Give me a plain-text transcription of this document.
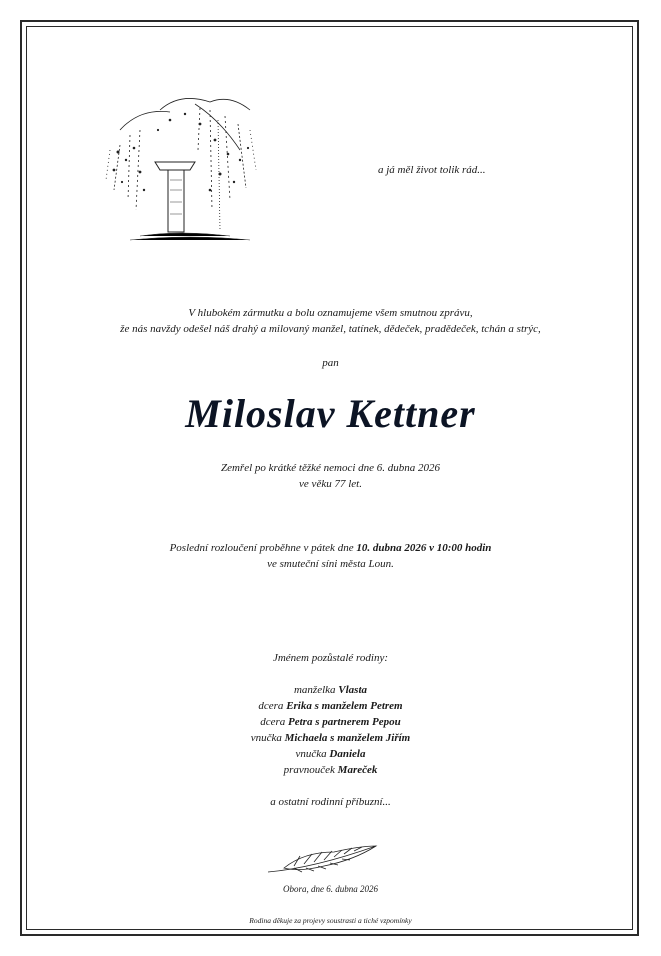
a já měl život tolik rád...
V hlubokém zármutku a bolu oznamujeme všem smutnou zprávu,
že nás navždy odešel náš drahý a milovaný manžel, tatínek, dědeček, pradědeček, tchán a strýc,
pan
Miloslav Kettner
Zemřel po krátké těžké nemoci dne 6. dubna 2026
ve věku 77 let.
Poslední rozloučení proběhne v pátek dne 10. dubna 2026 v 10:00 hodin
ve smuteční síni města Loun.
Jménem pozůstalé rodiny:
manželka Vlasta
dcera Erika s manželem Petrem
dcera Petra s partnerem Pepou
vnučka Michaela s manželem Jiřím
vnučka Daniela
pravnouček Mareček
a ostatní rodinní příbuzní...
Obora, dne 6. dubna 2026
Rodina děkuje za projevy soustrasti a tiché vzpomínky
